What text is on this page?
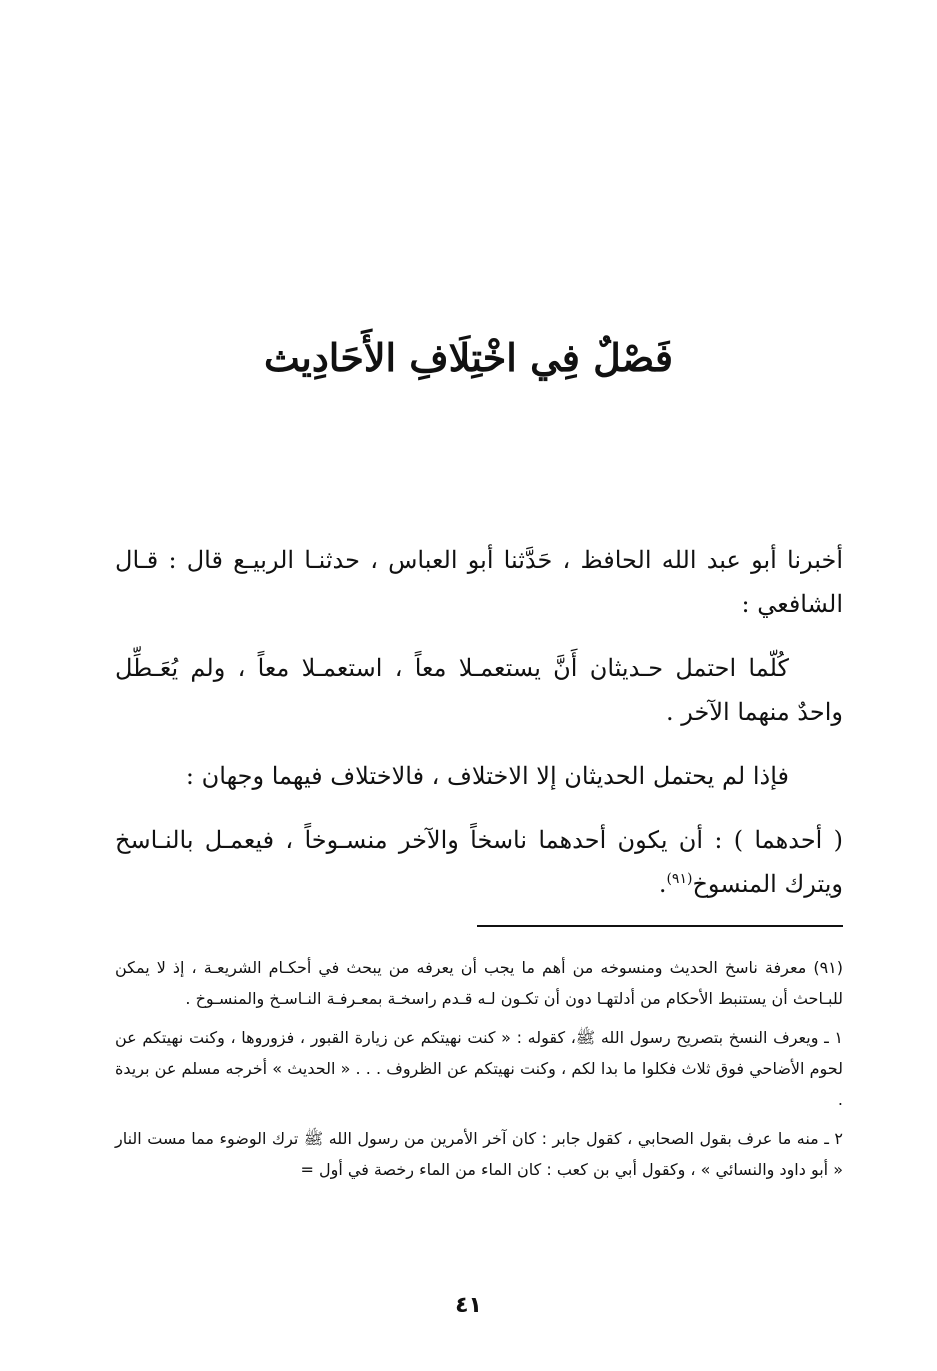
فَصْلٌ فِي اخْتِلَافِ الأَحَادِيث

أخبرنا أبو عبد الله الحافظ ، حَدَّثنا أبو العباس ، حدثنـا الربيـع قال : قـال الشافعي :

كُلّما احتمل حـديثان أَنَّ يستعمـلا معاً ، استعمـلا معاً ، ولم يُعَـطِّل واحدٌ منهما الآخر .

فإذا لم يحتمل الحديثان إلا الاختلاف ، فالاختلاف فيهما وجهان :

( أحدهما ) : أن يكون أحدهما ناسخاً والآخر منسـوخاً ، فيعمـل بالنـاسخ ويترك المنسوخ$^{(٩١)}$.

(٩١) معرفة ناسخ الحديث ومنسوخه من أهم ما يجب أن يعرفه من يبحث في أحكـام الشريعـة ، إذ لا يمكن للبـاحث أن يستنبط الأحكام من أدلتهـا دون أن تكـون لـه قـدم راسخـة بمعـرفـة النـاسـخ والمنسـوخ .

١ ـ ويعرف النسخ بتصريح رسول الله ﷺ، كقوله : « كنت نهيتكم عن زيارة القبور ، فزوروها ، وكنت نهيتكم عن لحوم الأضاحي فوق ثلاث فكلوا ما بدا لكم ، وكنت نهيتكم عن الظروف . . . « الحديث » أخرجه مسلم عن بريدة .

٢ ـ منه ما عرف بقول الصحابي ، كقول جابر : كان آخر الأمرين من رسول الله ﷺ ترك الوضوء مما مست النار « أبو داود والنسائي » ، وكقول أبي بن كعب : كان الماء من الماء رخصة في أول =

٤١
